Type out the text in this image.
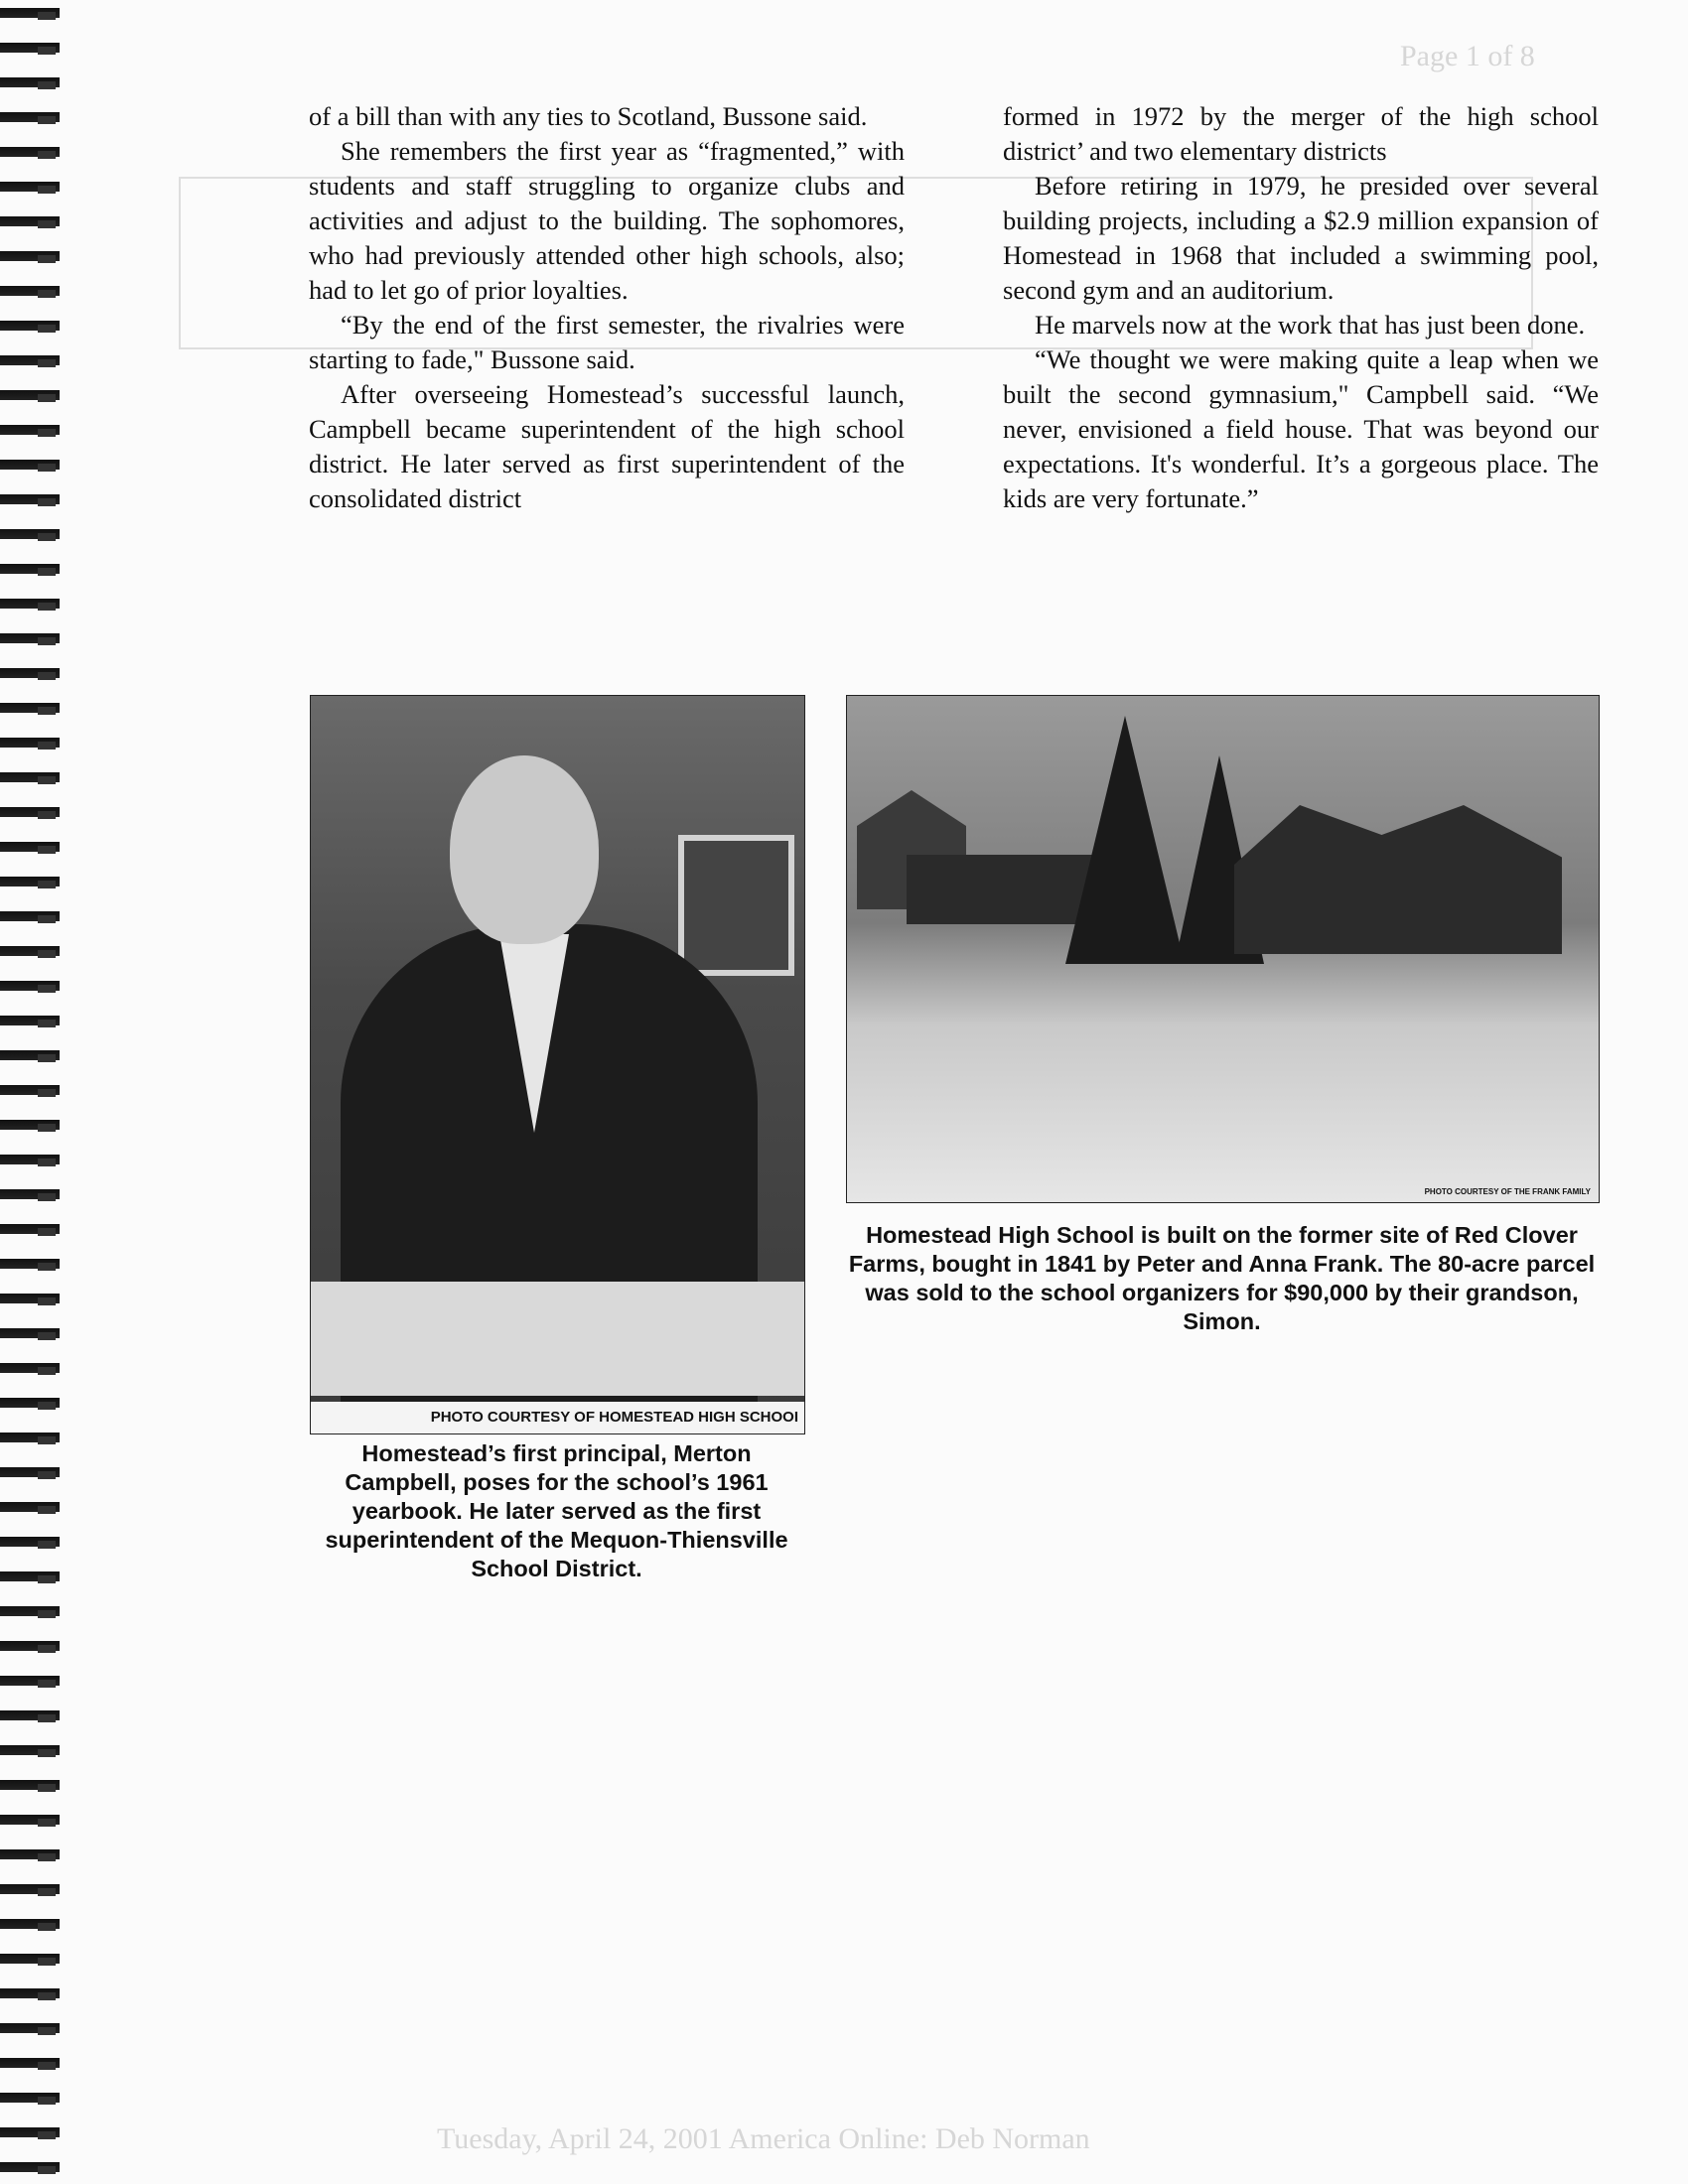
Page 1 of 8
Tuesday, April 24, 2001 America Online: Deb Norman

of a bill than with any ties to Scotland, Bussone said.

She remembers the first year as “fragmented,” with students and staff struggling to organize clubs and activities and adjust to the building. The sophomores, who had previously attended other high schools, also; had to let go of prior loyalties.

“By the end of the first semester, the rivalries were starting to fade," Bussone said.

After overseeing Homestead’s successful launch, Campbell became superintendent of the high school district. He later served as first superintendent of the consolidated district

formed in 1972 by the merger of the high school district’ and two elementary districts

Before retiring in 1979, he presided over several building projects, including a $2.9 million expansion of Homestead in 1968 that included a swimming pool, second gym and an auditorium.

He marvels now at the work that has just been done.

“We thought we were making quite a leap when we built the second gymnasium," Campbell said. “We never, envisioned a field house. That was beyond our expectations. It's wonderful. It’s a gorgeous place. The kids are very fortunate.”

PHOTO COURTESY OF HOMESTEAD HIGH SCHOOI
Homestead’s first principal, Merton Campbell, poses for the school’s 1961 yearbook. He later served as the first superintendent of the Mequon-Thiensville School District.
PHOTO COURTESY OF THE FRANK FAMILY
Homestead High School is built on the former site of Red Clover Farms, bought in 1841 by Peter and Anna Frank. The 80-acre parcel was sold to the school organizers for $90,000 by their grandson, Simon.
